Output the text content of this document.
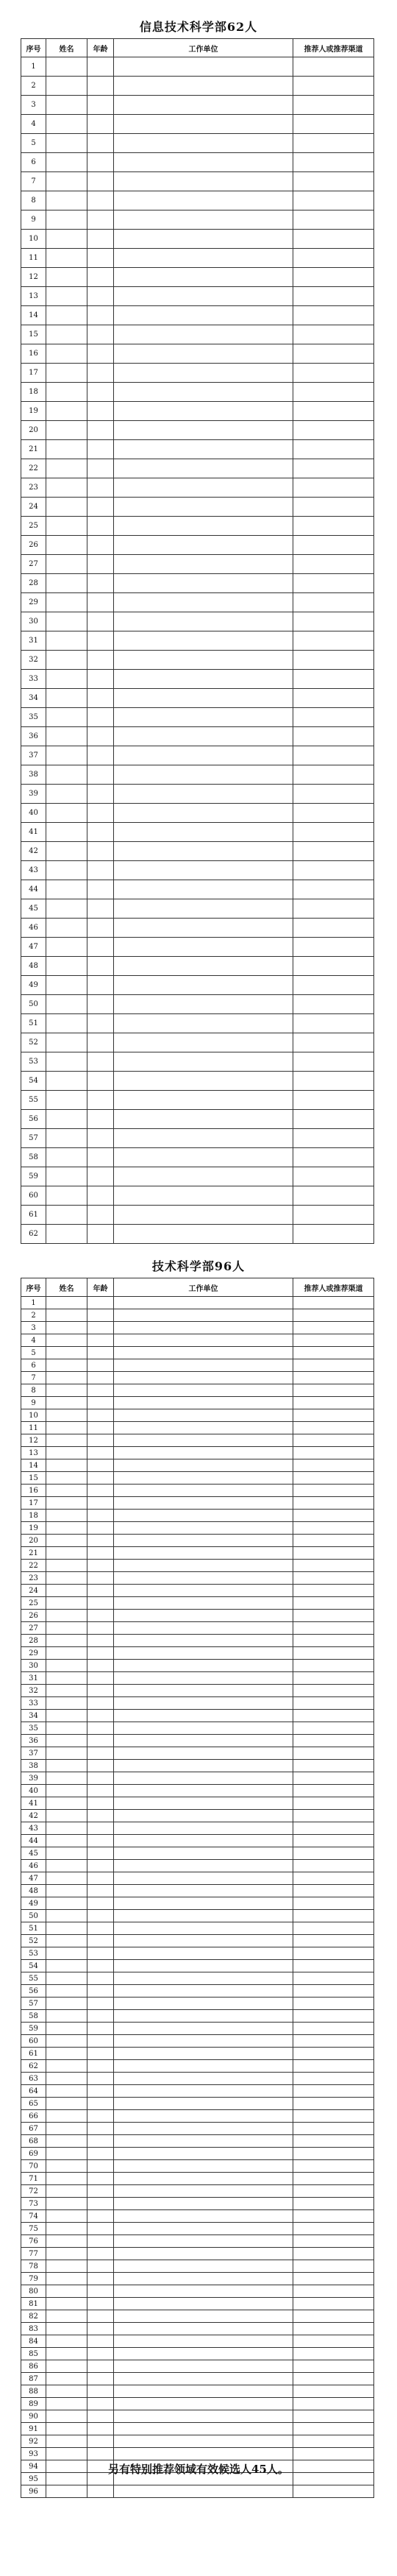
信息技术科学部62人
序号	姓名	年龄	工作单位	推荐人或推荐渠道
1				
2				
3				
4				
5				
6				
7				
8				
9				
10				
11				
12				
13				
14				
15				
16				
17				
18				
19				
20				
21				
22				
23				
24				
25				
26				
27				
28				
29				
30				
31				
32				
33				
34				
35				
36				
37				
38				
39				
40				
41				
42				
43				
44				
45				
46				
47				
48				
49				
50				
51				
52				
53				
54				
55				
56				
57				
58				
59				
60				
61				
62				
技术科学部96人
序号	姓名	年龄	工作单位	推荐人或推荐渠道
1				
2				
3				
4				
5				
6				
7				
8				
9				
10				
11				
12				
13				
14				
15				
16				
17				
18				
19				
20				
21				
22				
23				
24				
25				
26				
27				
28				
29				
30				
31				
32				
33				
34				
35				
36				
37				
38				
39				
40				
41				
42				
43				
44				
45				
46				
47				
48				
49				
50				
51				
52				
53				
54				
55				
56				
57				
58				
59				
60				
61				
62				
63				
64				
65				
66				
67				
68				
69				
70				
71				
72				
73				
74				
75				
76				
77				
78				
79				
80				
81				
82				
83				
84				
85				
86				
87				
88				
89				
90				
91				
92				
93				
94				
95				
96				
另有特别推荐领域有效候选人45人。
